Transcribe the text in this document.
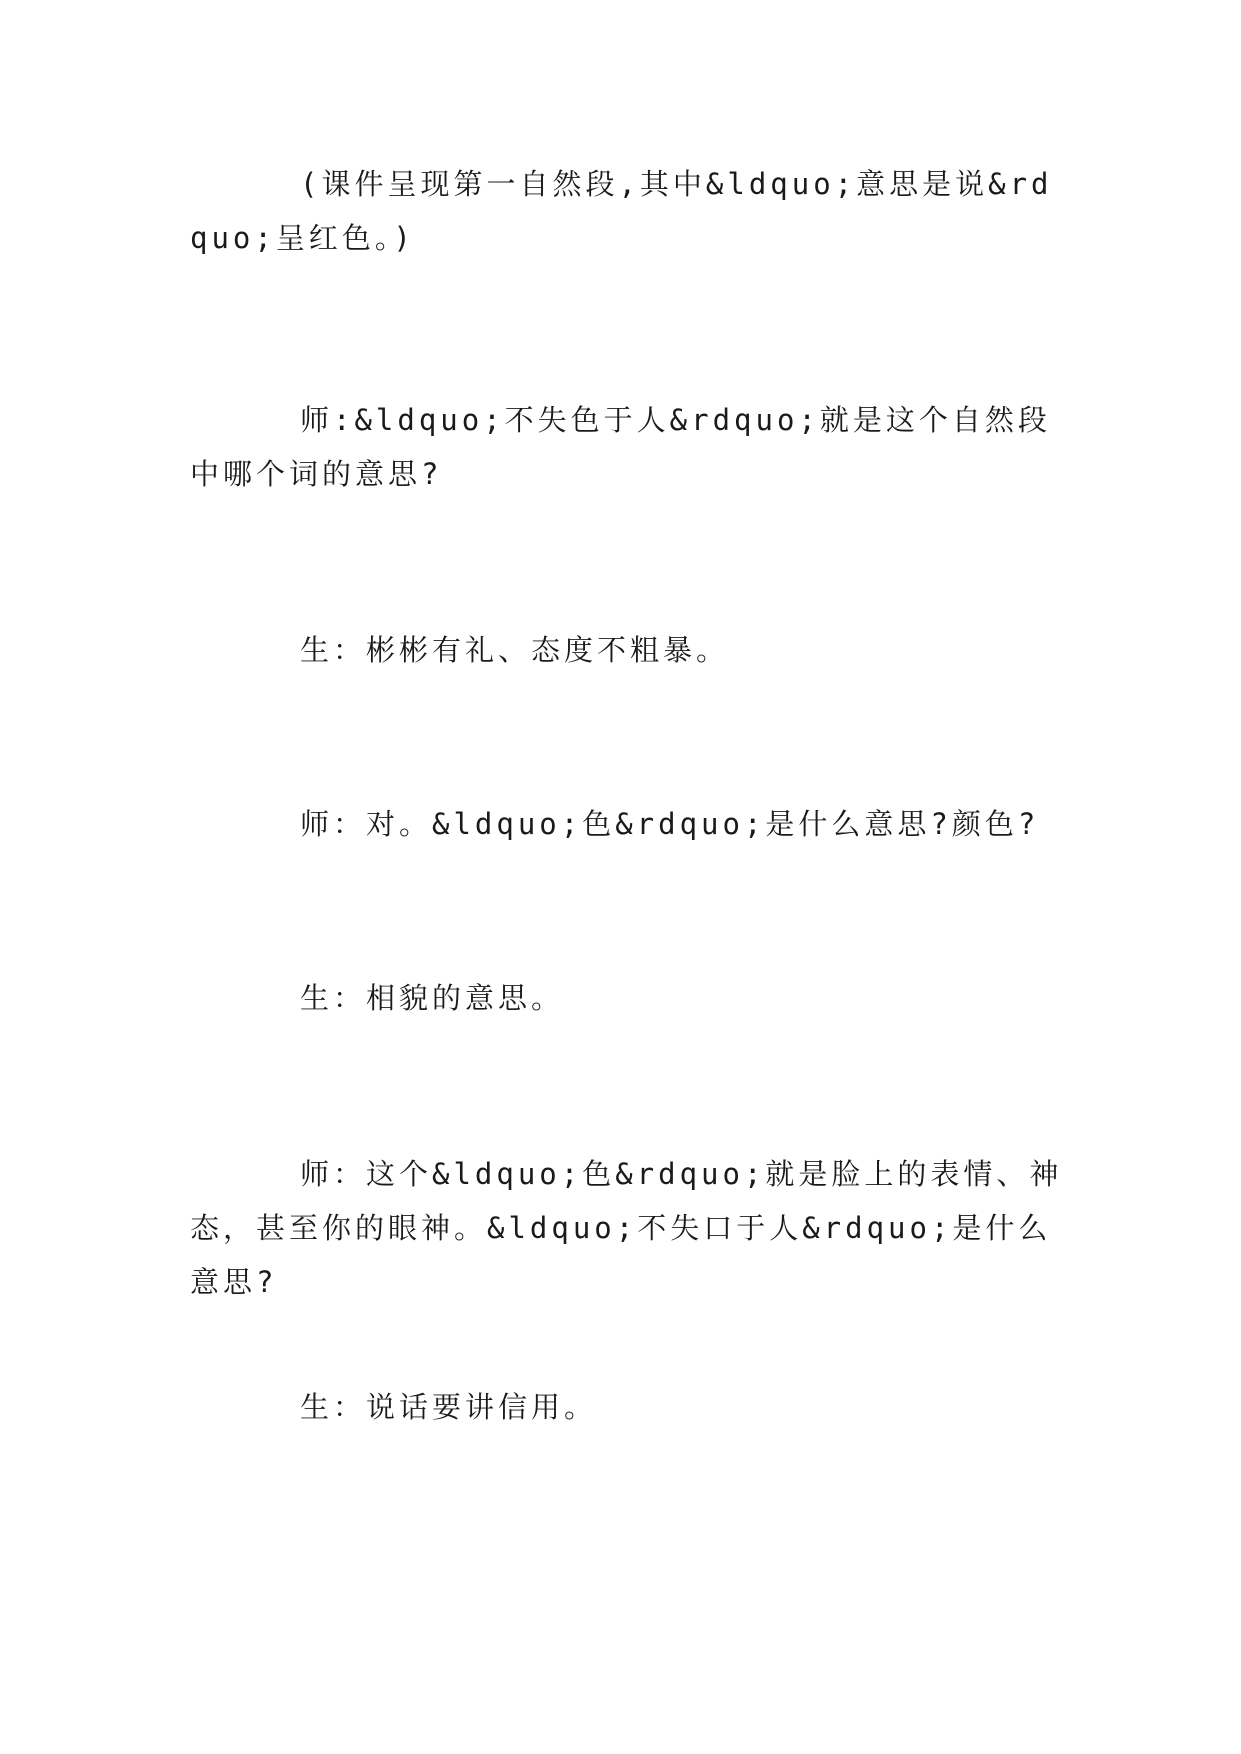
(课件呈现第一自然段,其中&ldquo;意思是说&rdquo;呈红色。)

师:&ldquo;不失色于人&rdquo;就是这个自然段中哪个词的意思?

生：彬彬有礼、态度不粗暴。

师：对。&ldquo;色&rdquo;是什么意思?颜色?

生：相貌的意思。

师：这个&ldquo;色&rdquo;就是脸上的表情、神态，甚至你的眼神。&ldquo;不失口于人&rdquo;是什么意思?

生：说话要讲信用。
